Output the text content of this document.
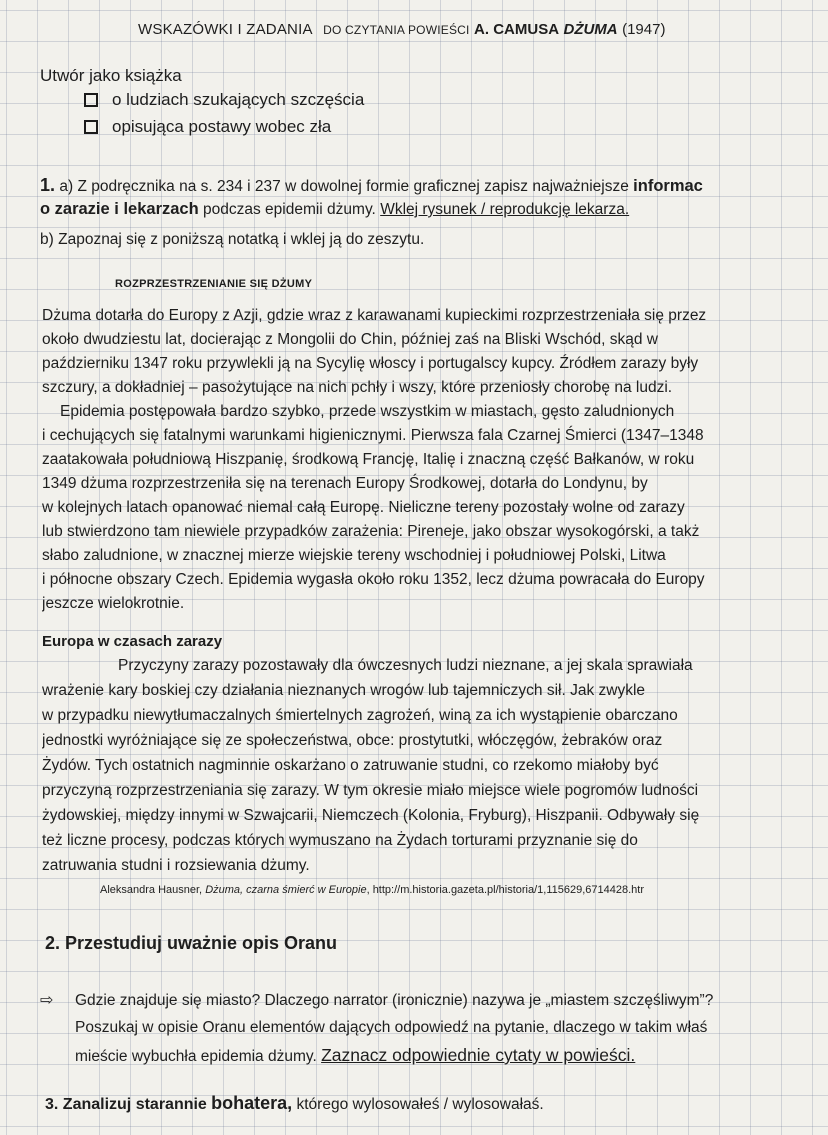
WSKAZÓWKI I ZADANIA DO CZYTANIA POWIEŚCI A. CAMUSA DŻUMA (1947)
Utwór jako książka
o ludziach szukających szczęścia
opisująca postawy wobec zła
1. a) Z podręcznika na s. 234 i 237 w dowolnej formie graficznej zapisz najważniejsze informac
o zarazie i lekarzach podczas epidemii dżumy. Wklej rysunek / reprodukcję lekarza.
b) Zapoznaj się z poniższą notatką i wklej ją do zeszytu.
ROZPRZESTRZENIANIE SIĘ DŻUMY
Dżuma dotarła do Europy z Azji, gdzie wraz z karawanami kupieckimi rozprzestrzeniała się przez
około dwudziestu lat, docierając z Mongolii do Chin, później zaś na Bliski Wschód, skąd w
październiku 1347 roku przywlekli ją na Sycylię włoscy i portugalscy kupcy. Źródłem zarazy były
szczury, a dokładniej – pasożytujące na nich pchły i wszy, które przeniosły chorobę na ludzi.
Epidemia postępowała bardzo szybko, przede wszystkim w miastach, gęsto zaludnionych
i cechujących się fatalnymi warunkami higienicznymi. Pierwsza fala Czarnej Śmierci (1347–1348
zaatakowała południową Hiszpanię, środkową Francję, Italię i znaczną część Bałkanów, w roku
1349 dżuma rozprzestrzeniła się na terenach Europy Środkowej, dotarła do Londynu, by
w kolejnych latach opanować niemal całą Europę. Nieliczne tereny pozostały wolne od zarazy
lub stwierdzono tam niewiele przypadków zarażenia: Pireneje, jako obszar wysokogórski, a takż
słabo zaludnione, w znacznej mierze wiejskie tereny wschodniej i południowej Polski, Litwa
i północne obszary Czech. Epidemia wygasła około roku 1352, lecz dżuma powracała do Europy
jeszcze wielokrotnie.
Europa w czasach zarazy
Przyczyny zarazy pozostawały dla ówczesnych ludzi nieznane, a jej skala sprawiała
wrażenie kary boskiej czy działania nieznanych wrogów lub tajemniczych sił. Jak zwykle
w przypadku niewytłumaczalnych śmiertelnych zagrożeń, winą za ich wystąpienie obarczano
jednostki wyróżniające się ze społeczeństwa, obce: prostytutki, włóczęgów, żebraków oraz
Żydów. Tych ostatnich nagminnie oskarżano o zatruwanie studni, co rzekomo miałoby być
przyczyną rozprzestrzeniania się zarazy. W tym okresie miało miejsce wiele pogromów ludności
żydowskiej, między innymi w Szwajcarii, Niemczech (Kolonia, Fryburg), Hiszpanii. Odbywały się
też liczne procesy, podczas których wymuszano na Żydach torturami przyznanie się do
zatruwania studni i rozsiewania dżumy.
Aleksandra Hausner, Dżuma, czarna śmierć w Europie, http://m.historia.gazeta.pl/historia/1,115629,6714428.htr
2. Przestudiuj uważnie opis Oranu
⇨	Gdzie znajduje się miasto? Dlaczego narrator (ironicznie) nazywa je „miastem szczęśliwym”?
Poszukaj w opisie Oranu elementów dających odpowiedź na pytanie, dlaczego w takim właś
mieście wybuchła epidemia dżumy. Zaznacz odpowiednie cytaty w powieści.
3. Zanalizuj starannie bohatera, którego wylosowałeś / wylosowałaś.
